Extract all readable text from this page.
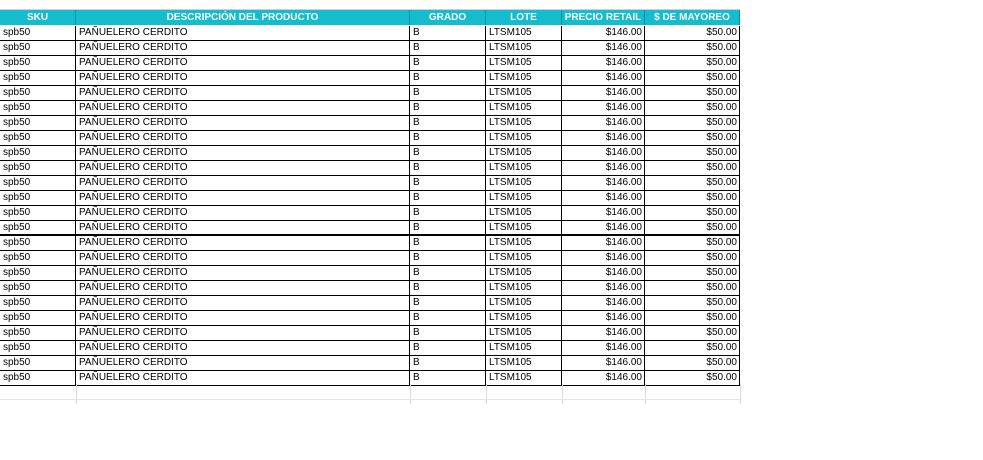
SKU	DESCRIPCIÓN DEL PRODUCTO	GRADO	LOTE	PRECIO RETAIL	$ DE MAYOREO
spb50	PAÑUELERO CERDITO	B	LTSM105	$146.00	$50.00
spb50	PAÑUELERO CERDITO	B	LTSM105	$146.00	$50.00
spb50	PAÑUELERO CERDITO	B	LTSM105	$146.00	$50.00
spb50	PAÑUELERO CERDITO	B	LTSM105	$146.00	$50.00
spb50	PAÑUELERO CERDITO	B	LTSM105	$146.00	$50.00
spb50	PAÑUELERO CERDITO	B	LTSM105	$146.00	$50.00
spb50	PAÑUELERO CERDITO	B	LTSM105	$146.00	$50.00
spb50	PAÑUELERO CERDITO	B	LTSM105	$146.00	$50.00
spb50	PAÑUELERO CERDITO	B	LTSM105	$146.00	$50.00
spb50	PAÑUELERO CERDITO	B	LTSM105	$146.00	$50.00
spb50	PAÑUELERO CERDITO	B	LTSM105	$146.00	$50.00
spb50	PAÑUELERO CERDITO	B	LTSM105	$146.00	$50.00
spb50	PAÑUELERO CERDITO	B	LTSM105	$146.00	$50.00
spb50	PAÑUELERO CERDITO	B	LTSM105	$146.00	$50.00
spb50	PAÑUELERO CERDITO	B	LTSM105	$146.00	$50.00
spb50	PAÑUELERO CERDITO	B	LTSM105	$146.00	$50.00
spb50	PAÑUELERO CERDITO	B	LTSM105	$146.00	$50.00
spb50	PAÑUELERO CERDITO	B	LTSM105	$146.00	$50.00
spb50	PAÑUELERO CERDITO	B	LTSM105	$146.00	$50.00
spb50	PAÑUELERO CERDITO	B	LTSM105	$146.00	$50.00
spb50	PAÑUELERO CERDITO	B	LTSM105	$146.00	$50.00
spb50	PAÑUELERO CERDITO	B	LTSM105	$146.00	$50.00
spb50	PAÑUELERO CERDITO	B	LTSM105	$146.00	$50.00
spb50	PAÑUELERO CERDITO	B	LTSM105	$146.00	$50.00
